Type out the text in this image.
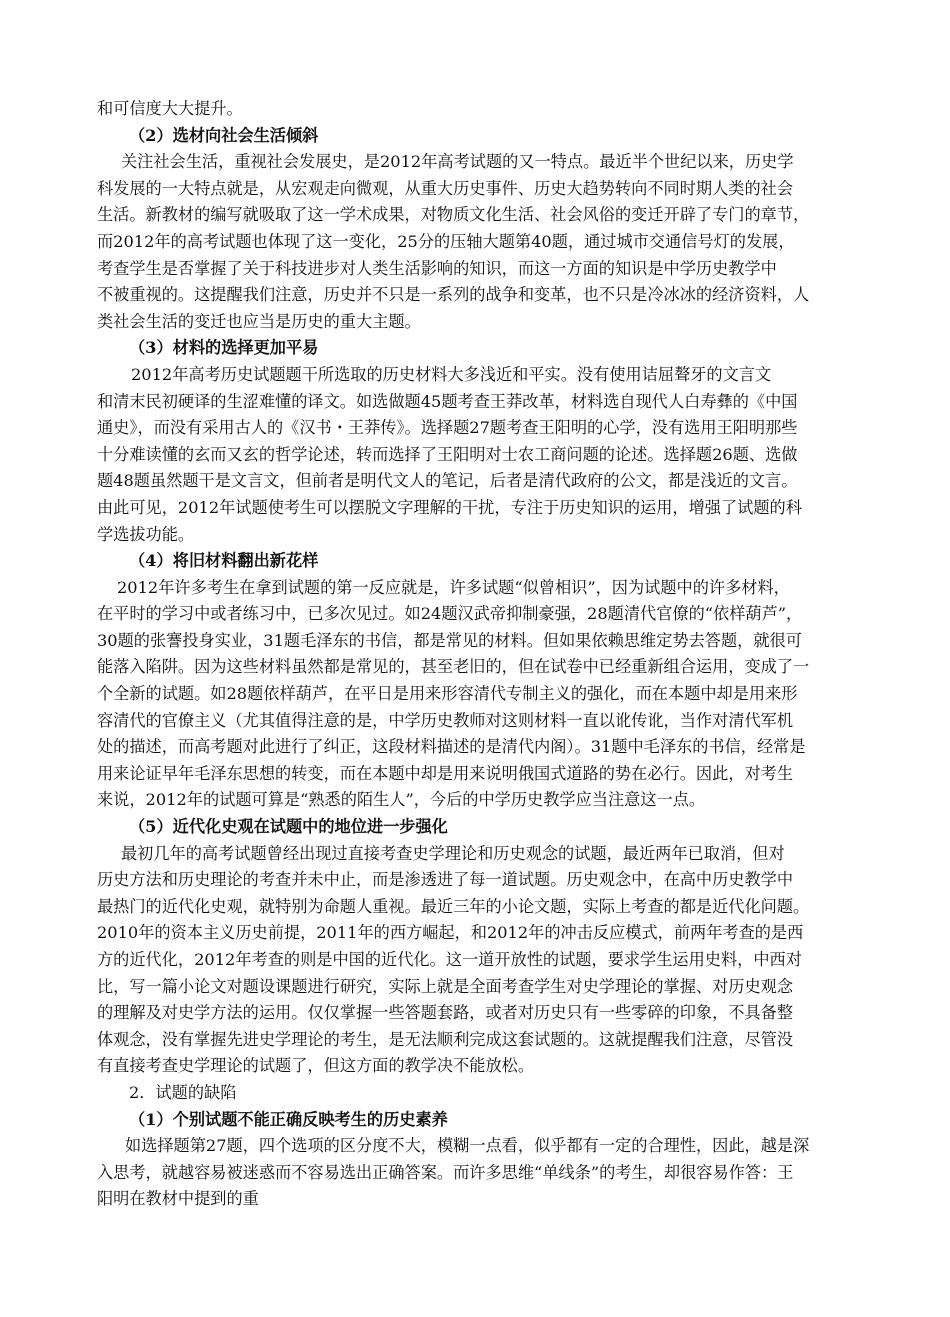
和可信度大大提升。

（2）选材向社会生活倾斜

关注社会生活，重视社会发展史，是2012年高考试题的又一特点。最近半个世纪以来，历史学
科发展的一大特点就是，从宏观走向微观，从重大历史事件、历史大趋势转向不同时期人类的社会
生活。新教材的编写就吸取了这一学术成果，对物质文化生活、社会风俗的变迁开辟了专门的章节，
而2012年的高考试题也体现了这一变化，25分的压轴大题第40题，通过城市交通信号灯的发展，
考查学生是否掌握了关于科技进步对人类生活影响的知识，而这一方面的知识是中学历史教学中
不被重视的。这提醒我们注意，历史并不只是一系列的战争和变革，也不只是冷冰冰的经济资料，人
类社会生活的变迁也应当是历史的重大主题。

（3）材料的选择更加平易

2012年高考历史试题题干所选取的历史材料大多浅近和平实。没有使用诘屈聱牙的文言文
和清末民初硬译的生涩难懂的译文。如选做题45题考查王莽改革，材料选自现代人白寿彝的《中国
通史》，而没有采用古人的《汉书・王莽传》。选择题27题考查王阳明的心学，没有选用王阳明那些
十分难读懂的玄而又玄的哲学论述，转而选择了王阳明对士农工商问题的论述。选择题26题、选做
题48题虽然题干是文言文，但前者是明代文人的笔记，后者是清代政府的公文，都是浅近的文言。
由此可见，2012年试题使考生可以摆脱文字理解的干扰，专注于历史知识的运用，增强了试题的科
学选拔功能。

（4）将旧材料翻出新花样

2012年许多考生在拿到试题的第一反应就是，许多试题“似曾相识”，因为试题中的许多材料，
在平时的学习中或者练习中，已多次见过。如24题汉武帝抑制豪强，28题清代官僚的“依样葫芦”，
30题的张謇投身实业，31题毛泽东的书信，都是常见的材料。但如果依赖思维定势去答题，就很可
能落入陷阱。因为这些材料虽然都是常见的，甚至老旧的，但在试卷中已经重新组合运用，变成了一
个全新的试题。如28题依样葫芦，在平日是用来形容清代专制主义的强化，而在本题中却是用来形
容清代的官僚主义（尤其值得注意的是，中学历史教师对这则材料一直以讹传讹，当作对清代军机
处的描述，而高考题对此进行了纠正，这段材料描述的是清代内阁）。31题中毛泽东的书信，经常是
用来论证早年毛泽东思想的转变，而在本题中却是用来说明俄国式道路的势在必行。因此，对考生
来说，2012年的试题可算是“熟悉的陌生人”，今后的中学历史教学应当注意这一点。

（5）近代化史观在试题中的地位进一步强化

最初几年的高考试题曾经出现过直接考查史学理论和历史观念的试题，最近两年已取消，但对
历史方法和历史理论的考查并未中止，而是渗透进了每一道试题。历史观念中，在高中历史教学中
最热门的近代化史观，就特别为命题人重视。最近三年的小论文题，实际上考查的都是近代化问题。
2010年的资本主义历史前提，2011年的西方崛起，和2012年的冲击反应模式，前两年考查的是西
方的近代化，2012年考查的则是中国的近代化。这一道开放性的试题，要求学生运用史料，中西对
比，写一篇小论文对题设课题进行研究，实际上就是全面考查学生对史学理论的掌握、对历史观念
的理解及对史学方法的运用。仅仅掌握一些答题套路，或者对历史只有一些零碎的印象，不具备整
体观念，没有掌握先进史学理论的考生，是无法顺利完成这套试题的。这就提醒我们注意，尽管没
有直接考查史学理论的试题了，但这方面的教学决不能放松。

2．试题的缺陷

（1）个别试题不能正确反映考生的历史素养

如选择题第27题，四个选项的区分度不大，模糊一点看，似乎都有一定的合理性，因此，越是深
入思考，就越容易被迷惑而不容易选出正确答案。而许多思维“单线条”的考生，却很容易作答：王
阳明在教材中提到的重
